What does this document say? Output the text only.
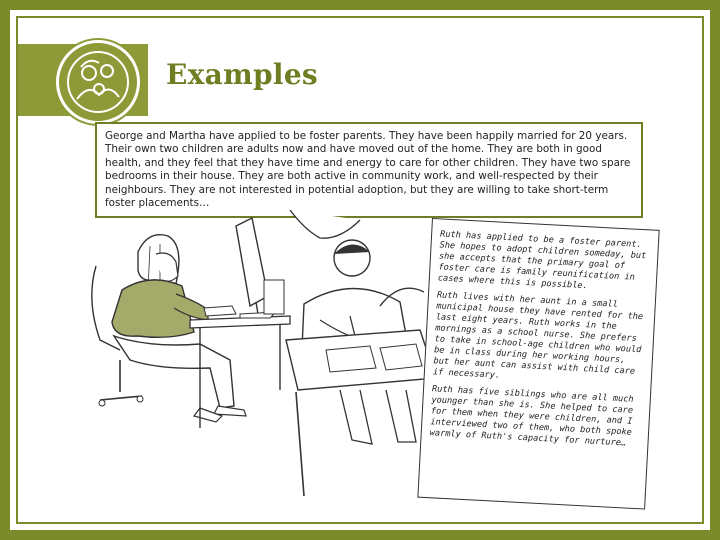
Examples
George and Martha have applied to be foster parents. They have been happily married for 20 years. Their own two children are adults now and have moved out of the home. They are both in good health, and they feel that they have time and energy to care for other children. They have two spare bedrooms in their house. They are both active in community work, and well-respected by their neighbours. They are not interested in potential adoption, but they are willing to take short-term foster placements…

Ruth has applied to be a foster parent. She hopes to adopt children someday, but she accepts that the primary goal of foster care is family reunification in cases where this is possible.

Ruth lives with her aunt in a small municipal house they have rented for the last eight years. Ruth works in the mornings as a school nurse. She prefers to take in school-age children who would be in class during her working hours, but her aunt can assist with child care if necessary.

Ruth has five siblings who are all much younger than she is. She helped to care for them when they were children, and I interviewed two of them, who both spoke warmly of Ruth's capacity for nurture…
